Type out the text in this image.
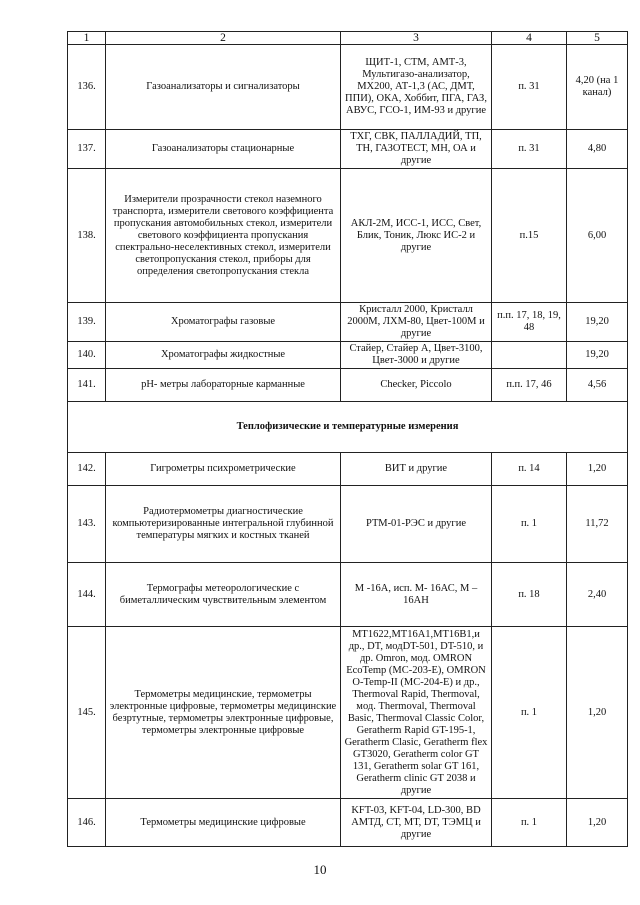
1	2	3	4	5
136.	Газоанализаторы и сигнализаторы	ЩИТ-1, СТМ, АМТ-3, Мультигазо-анализатор, МХ200, АТ-1,3 (АС, ДМТ, ППИ), ОКА, Хоббит, ПГА, ГАЗ, АВУС, ГСО-1, ИМ-93 и другие	п. 31	4,20 (на 1 канал)
137.	Газоанализаторы стационарные	ТХГ, СВК, ПАЛЛАДИЙ, ТП, ТН, ГАЗОТЕСТ, МН, ОА и другие	п. 31	4,80
138.	Измерители прозрачности стекол наземного транспорта, измерители светового коэффициента пропускания автомобильных стекол, измерители светового коэффициента пропускания спектрально-неселективных стекол, измерители светопропускания стекол, приборы для определения светопропускания стекла	АКЛ-2М, ИСС-1, ИСС, Свет, Блик, Тоник, Люкс ИС-2 и другие	п.15	6,00
139.	Хроматографы газовые	Кристалл 2000, Кристалл 2000М, ЛХМ-80, Цвет-100М и другие	п.п. 17, 18, 19, 48	19,20
140.	Хроматографы жидкостные	Стайер, Стайер А, Цвет-3100, Цвет-3000 и другие		19,20
141.	pH- метры лабораторные карманные	Checker, Piccolo	п.п. 17, 46	4,56
Теплофизические и температурные измерения				
142.	Гигрометры психрометрические	ВИТ и другие	п. 14	1,20
143.	Радиотермометры диагностические компьютеризированные интегральной глубинной температуры мягких и костных тканей	РТМ-01-РЭС и другие	п. 1	11,72
144.	Термографы метеорологические с биметаллическим чувствительным элементом	М -16А, исп. М- 16АС, М – 16АН	п. 18	2,40
145.	Термометры медицинские, термометры электронные цифровые, термометры медицинские безртутные, термометры электронные цифровые, термометры электронные цифровые	МТ1622,МТ16А1,МТ16В1,и др., DT, модDT-501, DT-510, и др. Omron, мод. OMRON EcoTemp (MC-203-E), OMRON O-Temp-II (MC-204-E) и др., Thermoval Rapid, Thermoval, мод. Thermoval, Thermoval Basic, Thermoval Classic Color, Geratherm Rapid GT-195-1, Geratherm Clasic, Geratherm flex GT3020, Geratherm color GT 131, Geratherm solar GT 161, Geratherm clinic GT 2038 и другие	п. 1	1,20
146.	Термометры медицинские цифровые	KFT-03, KFT-04, LD-300, BD АМТД, СТ, МТ, DT, ТЭМЦ и другие	п. 1	1,20
10
